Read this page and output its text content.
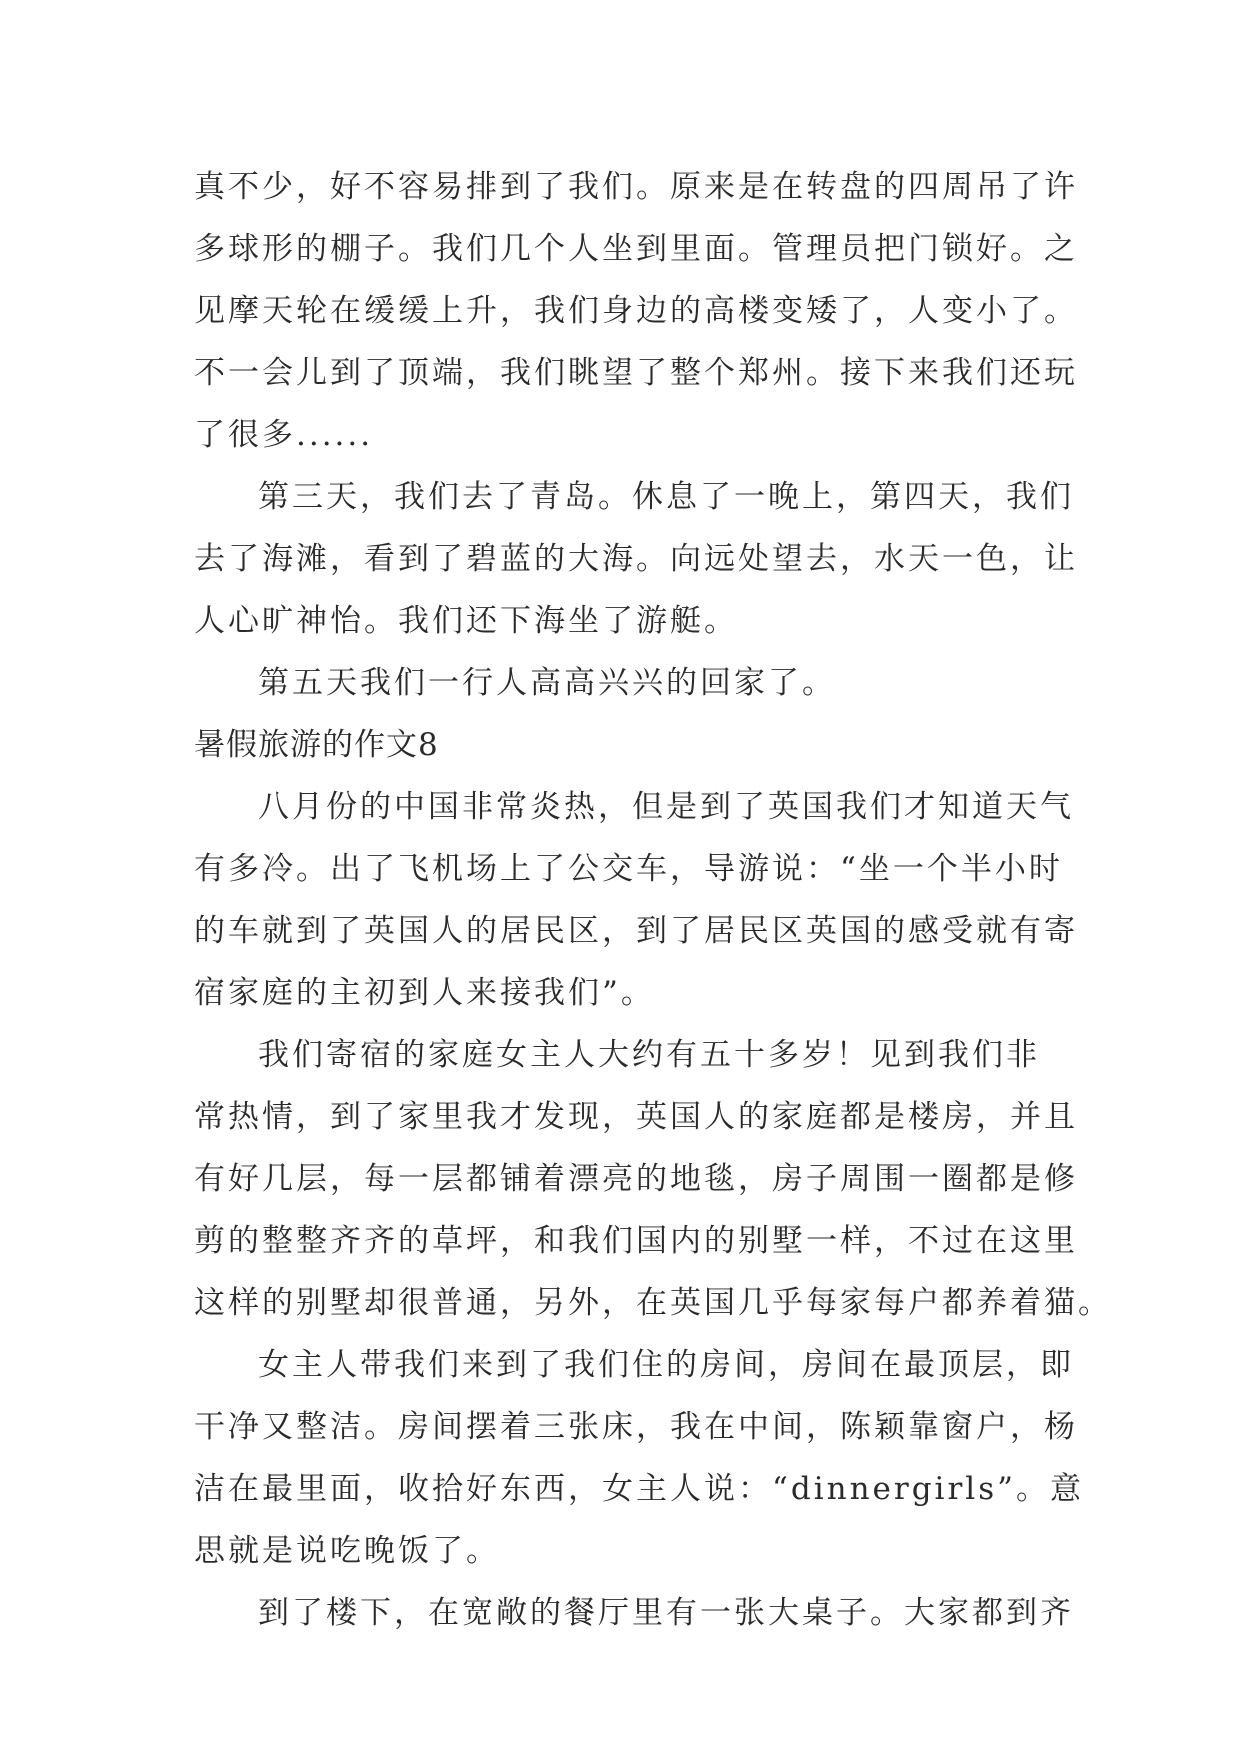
真不少，好不容易排到了我们。原来是在转盘的四周吊了许
多球形的棚子。我们几个人坐到里面。管理员把门锁好。之
见摩天轮在缓缓上升，我们身边的高楼变矮了，人变小了。
不一会儿到了顶端，我们眺望了整个郑州。接下来我们还玩
了很多......
第三天，我们去了青岛。休息了一晚上，第四天，我们
去了海滩，看到了碧蓝的大海。向远处望去，水天一色，让
人心旷神怡。我们还下海坐了游艇。
第五天我们一行人高高兴兴的回家了。
暑假旅游的作文8
八月份的中国非常炎热，但是到了英国我们才知道天气
有多冷。出了飞机场上了公交车，导游说：“坐一个半小时
的车就到了英国人的居民区，到了居民区英国的感受就有寄
宿家庭的主初到人来接我们”。
我们寄宿的家庭女主人大约有五十多岁！见到我们非
常热情，到了家里我才发现，英国人的家庭都是楼房，并且
有好几层，每一层都铺着漂亮的地毯，房子周围一圈都是修
剪的整整齐齐的草坪，和我们国内的别墅一样，不过在这里
这样的别墅却很普通，另外，在英国几乎每家每户都养着猫。
女主人带我们来到了我们住的房间，房间在最顶层，即
干净又整洁。房间摆着三张床，我在中间，陈颖靠窗户，杨
洁在最里面，收拾好东西，女主人说：“dinnergirls”。意
思就是说吃晚饭了。
到了楼下，在宽敞的餐厅里有一张大桌子。大家都到齐
